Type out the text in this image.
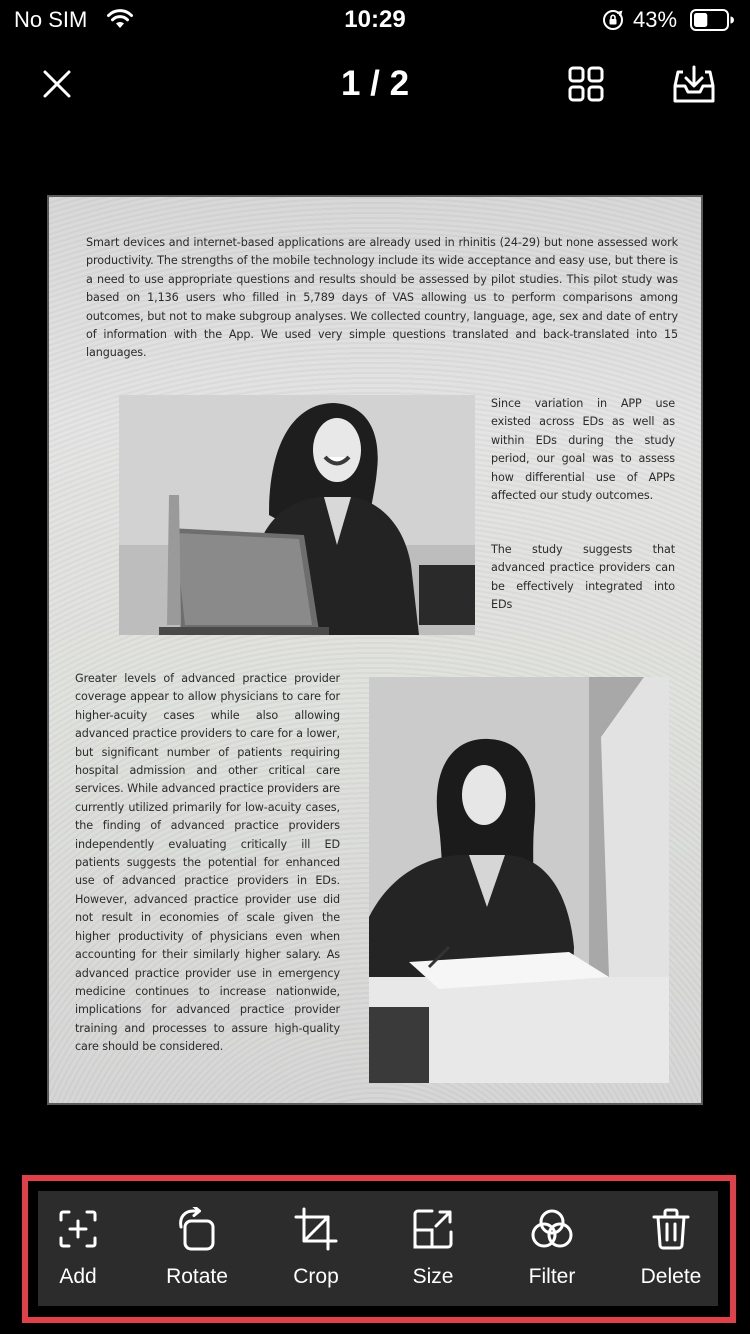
No SIM	10:29	43%
1 / 2
Smart devices and internet-based applications are already used in rhinitis (24-29) but none assessed work productivity. The strengths of the mobile technology include its wide acceptance and easy use, but there is a need to use appropriate questions and results should be assessed by pilot studies. This pilot study was based on 1,136 users who filled in 5,789 days of VAS allowing us to perform comparisons among outcomes, but not to make subgroup analyses. We collected country, language, age, sex and date of entry of information with the App. We used very simple questions translated and back-translated into 15 languages.
Since variation in APP use existed across EDs as well as within EDs during the study period, our goal was to assess how differential use of APPs affected our study outcomes.
The study suggests that advanced practice providers can be effectively integrated into EDs
Greater levels of advanced practice provider coverage appear to allow physicians to care for higher-acuity cases while also allowing advanced practice providers to care for a lower, but significant number of patients requiring hospital admission and other critical care services. While advanced practice providers are currently utilized primarily for low-acuity cases, the finding of advanced practice providers independently evaluating critically ill ED patients suggests the potential for enhanced use of advanced practice providers in EDs. However, advanced practice provider use did not result in economies of scale given the higher productivity of physicians even when accounting for their similarly higher salary. As advanced practice provider use in emergency medicine continues to increase nationwide, implications for advanced practice provider training and processes to assure high-quality care should be considered.
Add	Rotate	Crop	Size	Filter	Delete
